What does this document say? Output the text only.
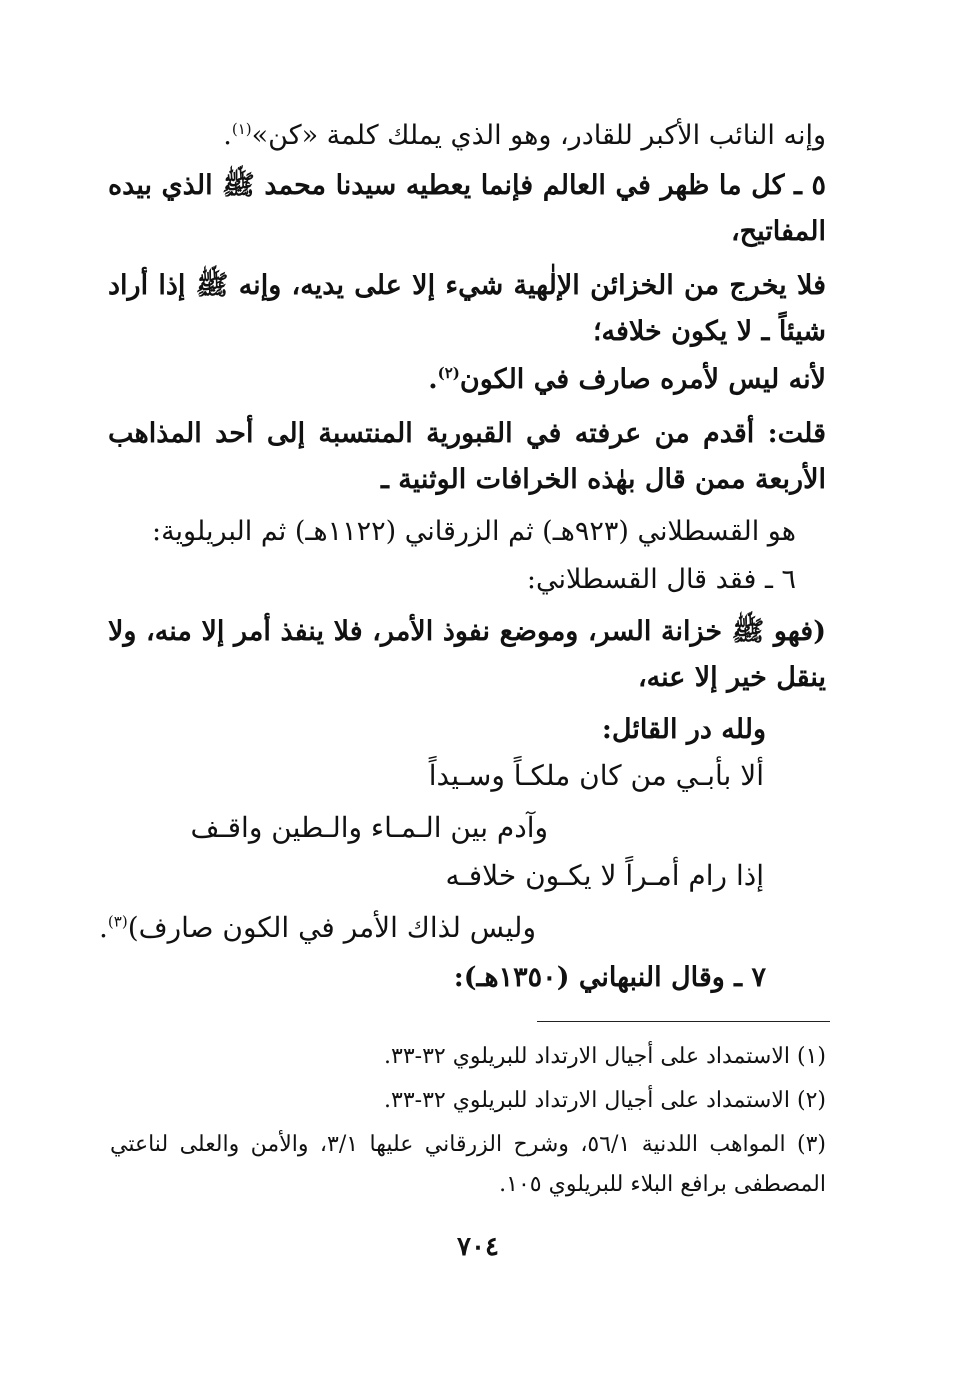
وإنه النائب الأكبر للقادر، وهو الذي يملك كلمة «كن»$^{(١)}$.
٥ ـ كل ما ظهر في العالم فإنما يعطيه سيدنا محمد ﷺ الذي بيده
المفاتيح،
فلا يخرج من الخزائن الإلٰهية شيء إلا على يديه، وإنه ﷺ إذا أراد
شيئاً ـ لا يكون خلافه؛
لأنه ليس لأمره صارف في الكون$^{(٢)}$.
قلت: أقدم من عرفته في القبورية المنتسبة إلى أحد المذاهب
الأربعة ممن قال بهٰذه الخرافات الوثنية ـ
هو القسطلاني (٩٢٣هـ) ثم الزرقاني (١١٢٢هـ) ثم البريلوية:
٦ ـ فقد قال القسطلاني:
(فهو ﷺ خزانة السر، وموضع نفوذ الأمر، فلا ينفذ أمر إلا منه، ولا
ينقل خير إلا عنه،
ولله در القائل:
ألا بأبـي من كان ملكـاً وسـيداً
وآدم بين الـمـاء والـطين واقـف
إذا رام أمـراً لا يكـون خلافـه
وليس لذاك الأمر في الكون صارف)$^{(٣)}$.
٧ ـ وقال النبهاني (١٣٥٠هـ):
(١) الاستمداد على أجيال الارتداد للبريلوي ٣٢-٣٣.
(٢) الاستمداد على أجيال الارتداد للبريلوي ٣٢-٣٣.
(٣) المواهب اللدنية ٥٦/١، وشرح الزرقاني عليها ٣/١، والأمن والعلى لناعتي
المصطفى برافع البلاء للبريلوي ١٠٥.
٧٠٤
